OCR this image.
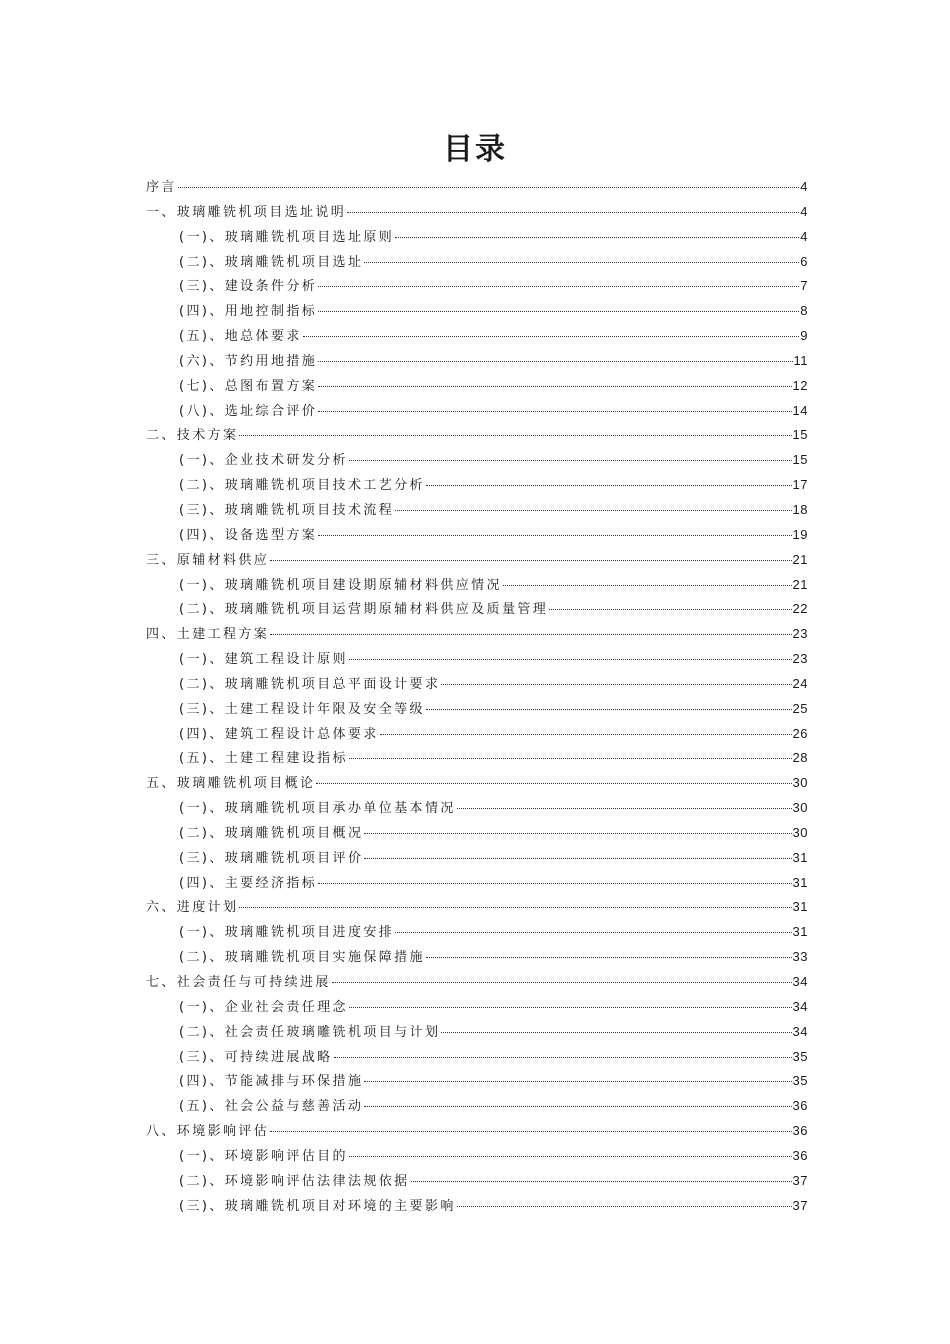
目录
序言	4
一、玻璃雕铣机项目选址说明	4
(一)、玻璃雕铣机项目选址原则	4
(二)、玻璃雕铣机项目选址	6
(三)、建设条件分析	7
(四)、用地控制指标	8
(五)、地总体要求	9
(六)、节约用地措施	11
(七)、总图布置方案	12
(八)、选址综合评价	14
二、技术方案	15
(一)、企业技术研发分析	15
(二)、玻璃雕铣机项目技术工艺分析	17
(三)、玻璃雕铣机项目技术流程	18
(四)、设备选型方案	19
三、原辅材料供应	21
(一)、玻璃雕铣机项目建设期原辅材料供应情况	21
(二)、玻璃雕铣机项目运营期原辅材料供应及质量管理	22
四、土建工程方案	23
(一)、建筑工程设计原则	23
(二)、玻璃雕铣机项目总平面设计要求	24
(三)、土建工程设计年限及安全等级	25
(四)、建筑工程设计总体要求	26
(五)、土建工程建设指标	28
五、玻璃雕铣机项目概论	30
(一)、玻璃雕铣机项目承办单位基本情况	30
(二)、玻璃雕铣机项目概况	30
(三)、玻璃雕铣机项目评价	31
(四)、主要经济指标	31
六、进度计划	31
(一)、玻璃雕铣机项目进度安排	31
(二)、玻璃雕铣机项目实施保障措施	33
七、社会责任与可持续进展	34
(一)、企业社会责任理念	34
(二)、社会责任玻璃雕铣机项目与计划	34
(三)、可持续进展战略	35
(四)、节能减排与环保措施	35
(五)、社会公益与慈善活动	36
八、环境影响评估	36
(一)、环境影响评估目的	36
(二)、环境影响评估法律法规依据	37
(三)、玻璃雕铣机项目对环境的主要影响	37
